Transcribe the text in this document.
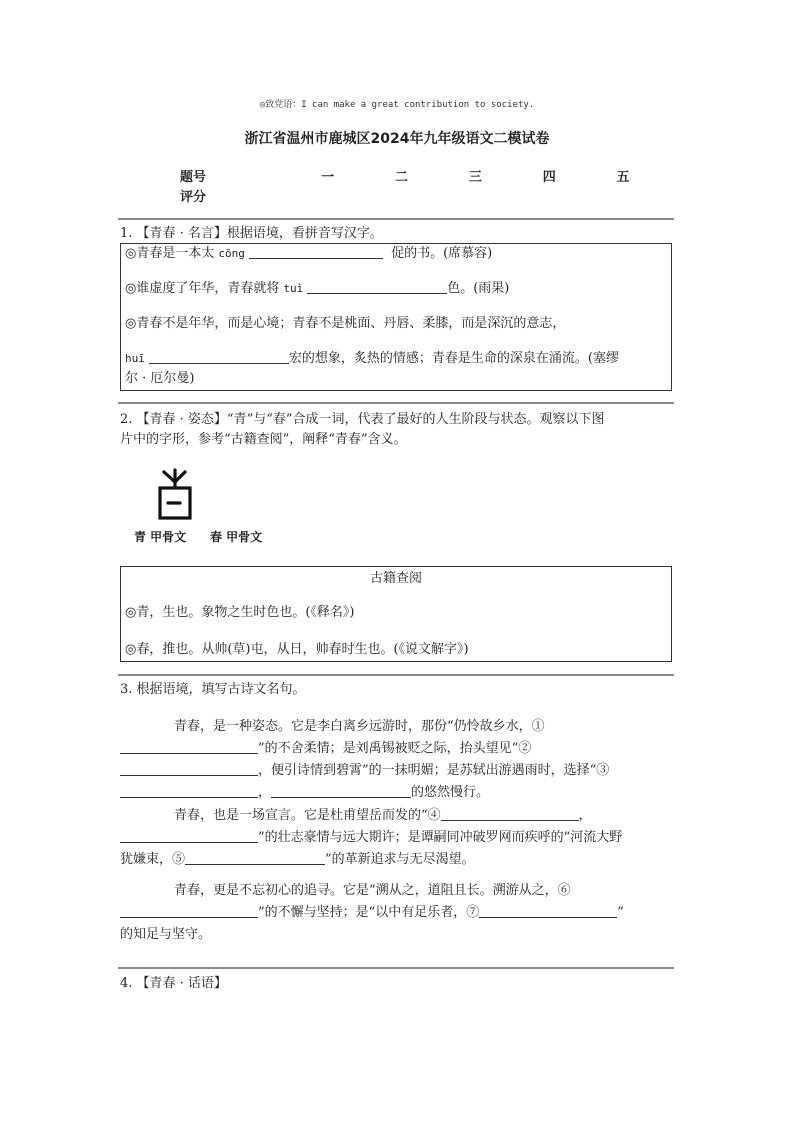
◎致党语：I can make a great contribution to society.
浙江省温州市鹿城区2024年九年级语文二模试卷
题号	一	二	三	四	五
评分
1. 【青春 · 名言】根据语境，看拼音写汉字。

◎青春是一本太 cōng	促的书。(席慕容)

◎谁虚度了年华，青春就将 tuì	色。(雨果)

◎青春不是年华，而是心境；青春不是桃面、丹唇、柔膝，而是深沉的意志，

huī	宏的想象，炙热的情感；青春是生命的深泉在涌流。(塞缪

尔 · 厄尔曼)

2. 【青春 · 姿态】“青”与“春”合成一词，代表了最好的人生阶段与状态。观察以下图
片中的字形，参考“古籍查阅”，阐释“青春”含义。
青 甲骨文 春 甲骨文

古籍查阅

◎青，生也。象物之生时色也。(《释名》)

◎春，推也。从帅(草)屯，从日，帅春时生也。(《说文解字》)

3. 根据语境，填写古诗文名句。
青春，是一种姿态。它是李白离乡远游时，那份“仍怜故乡水，①
”的不舍柔情；是刘禹锡被贬之际，抬头望见“②
，便引诗情到碧霄”的一抹明媚；是苏轼出游遇雨时，选择“③
，	的悠然慢行。
青春，也是一场宣言。它是杜甫望岳而发的“④	，
”的壮志豪情与远大期许；是谭嗣同冲破罗网而疾呼的“河流大野
犹嫌束，⑤	”的革新追求与无尽渴望。
青春，更是不忘初心的追寻。它是“溯从之，道阻且长。溯游从之，⑥
”的不懈与坚持；是“以中有足乐者，⑦	”
的知足与坚守。
4. 【青春 · 话语】
